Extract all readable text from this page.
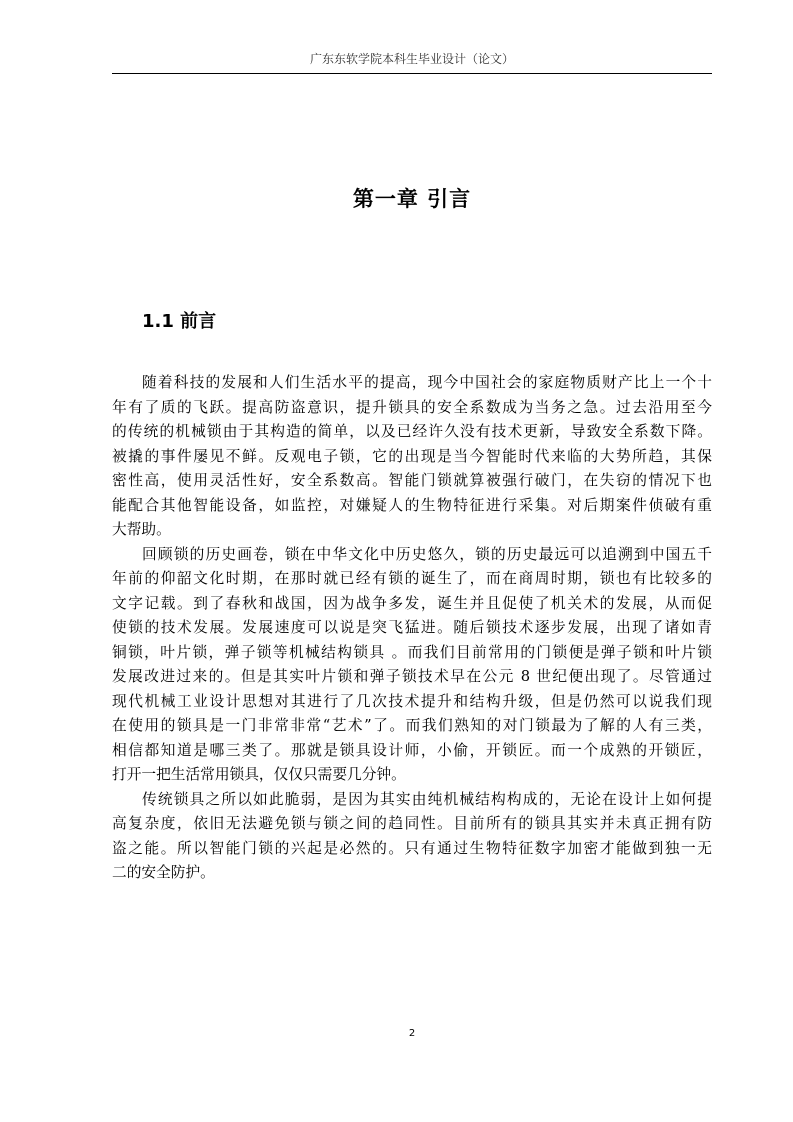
广东东软学院本科生毕业设计（论文）
第一章 引言
1.1 前言
随着科技的发展和人们生活水平的提高，现今中国社会的家庭物质财产比上一个十
年有了质的飞跃。提高防盗意识，提升锁具的安全系数成为当务之急。过去沿用至今
的传统的机械锁由于其构造的简单，以及已经许久没有技术更新，导致安全系数下降。
被撬的事件屡见不鲜。反观电子锁，它的出现是当今智能时代来临的大势所趋，其保
密性高，使用灵活性好，安全系数高。智能门锁就算被强行破门，在失窃的情况下也
能配合其他智能设备，如监控，对嫌疑人的生物特征进行采集。对后期案件侦破有重
大帮助。
回顾锁的历史画卷，锁在中华文化中历史悠久，锁的历史最远可以追溯到中国五千
年前的仰韶文化时期，在那时就已经有锁的诞生了，而在商周时期，锁也有比较多的
文字记载。到了春秋和战国，因为战争多发，诞生并且促使了机关术的发展，从而促
使锁的技术发展。发展速度可以说是突飞猛进。随后锁技术逐步发展，出现了诸如青
铜锁，叶片锁，弹子锁等机械结构锁具 。而我们目前常用的门锁便是弹子锁和叶片锁
发展改进过来的。但是其实叶片锁和弹子锁技术早在公元 8 世纪便出现了。尽管通过
现代机械工业设计思想对其进行了几次技术提升和结构升级，但是仍然可以说我们现
在使用的锁具是一门非常非常“艺术”了。而我们熟知的对门锁最为了解的人有三类，
相信都知道是哪三类了。那就是锁具设计师，小偷，开锁匠。而一个成熟的开锁匠，
打开一把生活常用锁具，仅仅只需要几分钟。
传统锁具之所以如此脆弱，是因为其实由纯机械结构构成的，无论在设计上如何提
高复杂度，依旧无法避免锁与锁之间的趋同性。目前所有的锁具其实并未真正拥有防
盗之能。所以智能门锁的兴起是必然的。只有通过生物特征数字加密才能做到独一无
二的安全防护。
2
